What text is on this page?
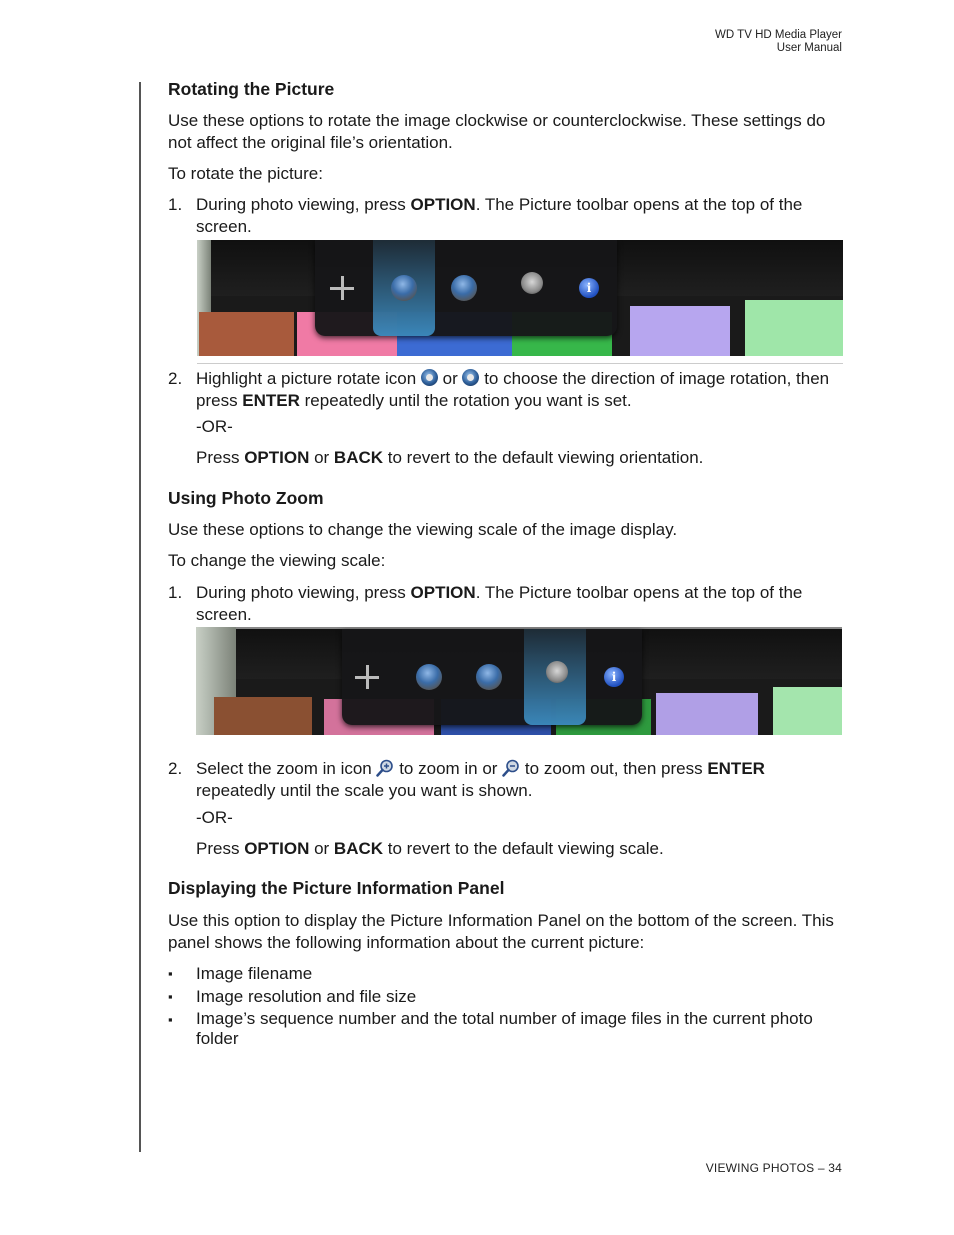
WD TV HD Media Player
User Manual
Rotating the Picture

Use these options to rotate the image clockwise or counterclockwise. These settings do not affect the original file’s orientation.

To rotate the picture:

1. During photo viewing, press OPTION. The Picture toolbar opens at the top of the screen.
i
2. Highlight a picture rotate icon  or  to choose the direction of image rotation, then press ENTER repeatedly until the rotation you want is set.
-OR-
Press OPTION or BACK to revert to the default viewing orientation.
Using Photo Zoom

Use these options to change the viewing scale of the image display.

To change the viewing scale:

1. During photo viewing, press OPTION. The Picture toolbar opens at the top of the screen.
i
2. Select the zoom in icon  to zoom in or  to zoom out, then press ENTER repeatedly until the scale you want is shown.
-OR-
Press OPTION or BACK to revert to the default viewing scale.
Displaying the Picture Information Panel

Use this option to display the Picture Information Panel on the bottom of the screen. This panel shows the following information about the current picture:

▪ Image filename
▪ Image resolution and file size
▪ Image’s sequence number and the total number of image files in the current photo folder
VIEWING PHOTOS – 34
